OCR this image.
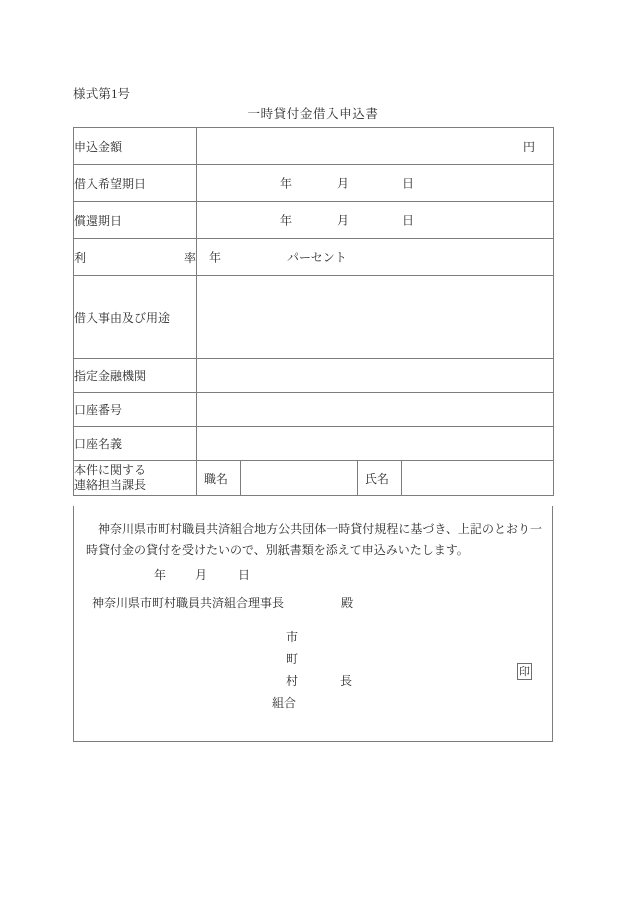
様式第1号
一時貸付金借入申込書
申込金額	円			

借入希望期日	年 月 日			

償還期日	年 月 日			

利 率	年 パーセント			

借入事由及び用途				

指定金融機関				

口座番号				

口座名義				

本件に関する
連絡担当課長	職名		氏名	

神奈川県市町村職員共済組合地方公共団体一時貸付規程に基づき、上記のとおり一時貸付金の貸付を受けたいので、別紙書類を添えて申込みいたします。
年 月	日
神奈川県市町村職員共済組合理事長	殿
市
町
村
組合
長
印
